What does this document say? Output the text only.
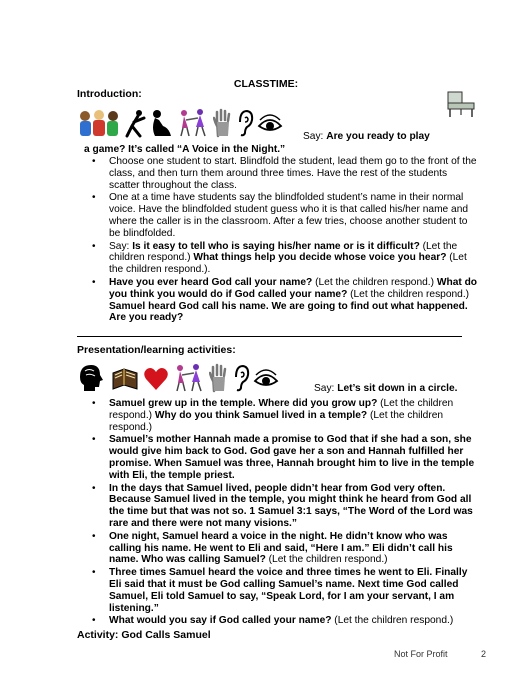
CLASSTIME:
Introduction:
Say: Are you ready to play
a game? It’s called “A Voice in the Night.”
• Choose one student to start. Blindfold the student, lead them go to the front of the class, and then turn them around three times. Have the rest of the students scatter throughout the class.
• One at a time have students say the blindfolded student’s name in their normal voice. Have the blindfolded student guess who it is that called his/her name and where the caller is in the classroom. After a few tries, choose another student to be blindfolded.
• Say: Is it easy to tell who is saying his/her name or is it difficult? (Let the children respond.) What things help you decide whose voice you hear? (Let the children respond.).
• Have you ever heard God call your name? (Let the children respond.) What do you think you would do if God called your name? (Let the children respond.) Samuel heard God call his name. We are going to find out what happened. Are you ready?
Presentation/learning activities:
Say: Let’s sit down in a circle.
• Samuel grew up in the temple. Where did you grow up? (Let the children respond.) Why do you think Samuel lived in a temple? (Let the children respond.)
• Samuel’s mother Hannah made a promise to God that if she had a son, she would give him back to God. God gave her a son and Hannah fulfilled her promise. When Samuel was three, Hannah brought him to live in the temple with Eli, the temple priest.
• In the days that Samuel lived, people didn’t hear from God very often. Because Samuel lived in the temple, you might think he heard from God all the time but that was not so. 1 Samuel 3:1 says, “The Word of the Lord was rare and there were not many visions.”
• One night, Samuel heard a voice in the night. He didn’t know who was calling his name. He went to Eli and said, “Here I am.” Eli didn’t call his name. Who was calling Samuel? (Let the children respond.)
• Three times Samuel heard the voice and three times he went to Eli. Finally Eli said that it must be God calling Samuel’s name. Next time God called Samuel, Eli told Samuel to say, “Speak Lord, for I am your servant, I am listening.”
• What would you say if God called your name? (Let the children respond.)
Activity: God Calls Samuel
Not For Profit	2
